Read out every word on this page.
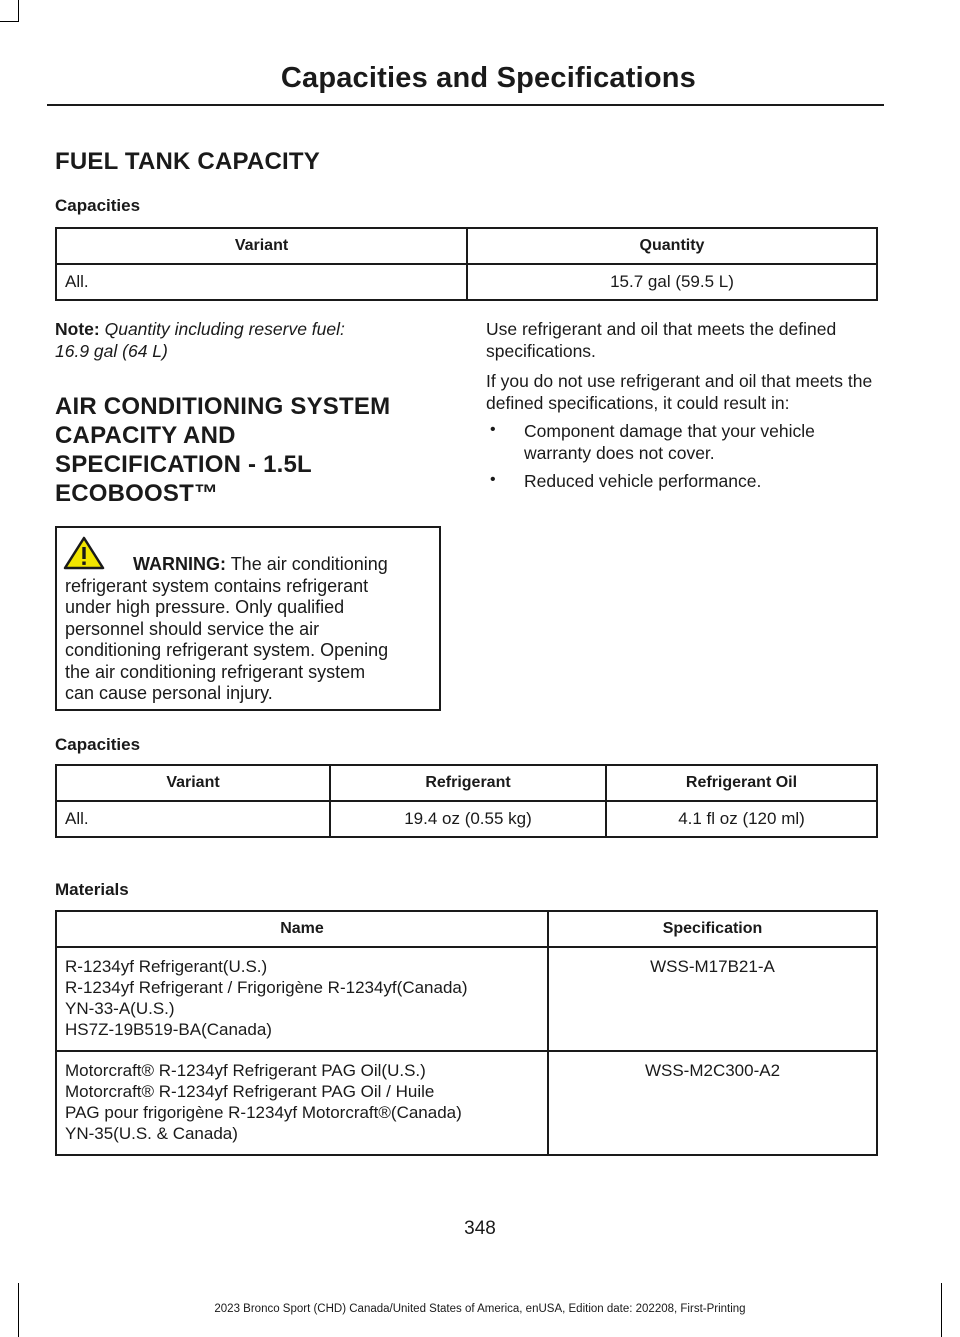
Capacities and Specifications
FUEL TANK CAPACITY
Capacities
Variant	Quantity
All.	15.7 gal (59.5 L)

Note: Quantity including reserve fuel:

16.9 gal (64 L)

AIR CONDITIONING SYSTEM
CAPACITY AND
SPECIFICATION - 1.5L
ECOBOOST™

WARNING: The air conditioning
refrigerant system contains refrigerant
under high pressure. Only qualified
personnel should service the air
conditioning refrigerant system. Opening
the air conditioning refrigerant system
can cause personal injury.

Use refrigerant and oil that meets the defined specifications.

If you do not use refrigerant and oil that meets the defined specifications, it could result in:

•	Component damage that your vehicle warranty does not cover.
•	Reduced vehicle performance.
Capacities
Variant	Refrigerant	Refrigerant Oil
All.	19.4 oz (0.55 kg)	4.1 fl oz (120 ml)
Materials
Name	Specification
R-1234yf Refrigerant(U.S.)
R-1234yf Refrigerant / Frigorigène R-1234yf(Canada)
YN-33-A(U.S.)
HS7Z-19B519-BA(Canada)	WSS-M17B21-A
Motorcraft® R-1234yf Refrigerant PAG Oil(U.S.)
Motorcraft® R-1234yf Refrigerant PAG Oil / Huile
PAG pour frigorigène R-1234yf Motorcraft®(Canada)
YN-35(U.S. & Canada)	WSS-M2C300-A2
348
2023 Bronco Sport (CHD) Canada/United States of America, enUSA, Edition date: 202208, First-Printing
